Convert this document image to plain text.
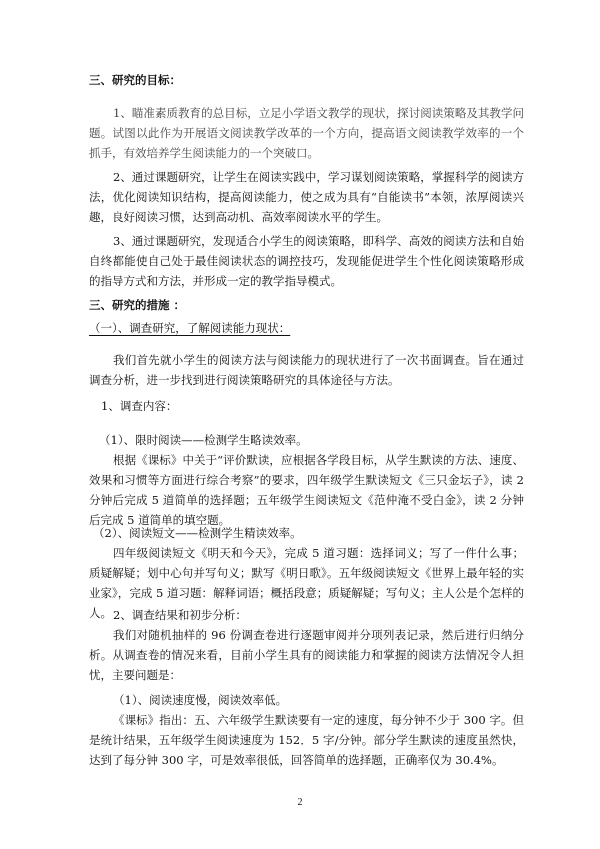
三、研究的目标：

1、瞄准素质教育的总目标，立足小学语文教学的现状，探讨阅读策略及其教学问题。试图以此作为开展语文阅读教学改革的一个方向，提高语文阅读教学效率的一个抓手，有效培养学生阅读能力的一个突破口。

2、通过课题研究，让学生在阅读实践中，学习谋划阅读策略，掌握科学的阅读方法，优化阅读知识结构，提高阅读能力，使之成为具有“自能读书”本领，浓厚阅读兴趣，良好阅读习惯，达到高动机、高效率阅读水平的学生。

3、通过课题研究，发现适合小学生的阅读策略，即科学、高效的阅读方法和自始自终都能使自己处于最佳阅读状态的调控技巧，发现能促进学生个性化阅读策略形成的指导方式和方法，并形成一定的教学指导模式。

三、研究的措施 ：
（一）、调查研究，了解阅读能力现状：

我们首先就小学生的阅读方法与阅读能力的现状进行了一次书面调查。旨在通过调查分析，进一步找到进行阅读策略研究的具体途径与方法。

1、调查内容：
（1）、限时阅读——检测学生略读效率。

根据《课标》中关于“评价默读，应根据各学段目标，从学生默读的方法、速度、效果和习惯等方面进行综合考察”的要求，四年级学生默读短文《三只金坛子》，读 2 分钟后完成 5 道简单的选择题；五年级学生阅读短文《范仲淹不受白金》，读 2 分钟后完成 5 道简单的填空题。

（2）、阅读短文——检测学生精读效率。

四年级阅读短文《明天和今天》，完成 5 道习题：选择词义；写了一件什么事；质疑解疑；划中心句并写句义；默写《明日歌》。五年级阅读短文《世界上最年轻的实业家》，完成 5 道习题：解释词语；概括段意；质疑解疑；写句义；主人公是个怎样的人。 2、调查结果和初步分析：

我们对随机抽样的 96 份调查卷进行逐题审阅并分项列表记录，然后进行归纳分析。从调查卷的情况来看，目前小学生具有的阅读能力和掌握的阅读方法情况令人担忧，主要问题是：

（1）、阅读速度慢，阅读效率低。

《课标》指出：五、六年级学生默读要有一定的速度，每分钟不少于 300 字。但是统计结果，五年级学生阅读速度为 152．5 字/分钟。部分学生默读的速度虽然快，达到了每分钟 300 字，可是效率很低，回答简单的选择题，正确率仅为 30.4%。

2
